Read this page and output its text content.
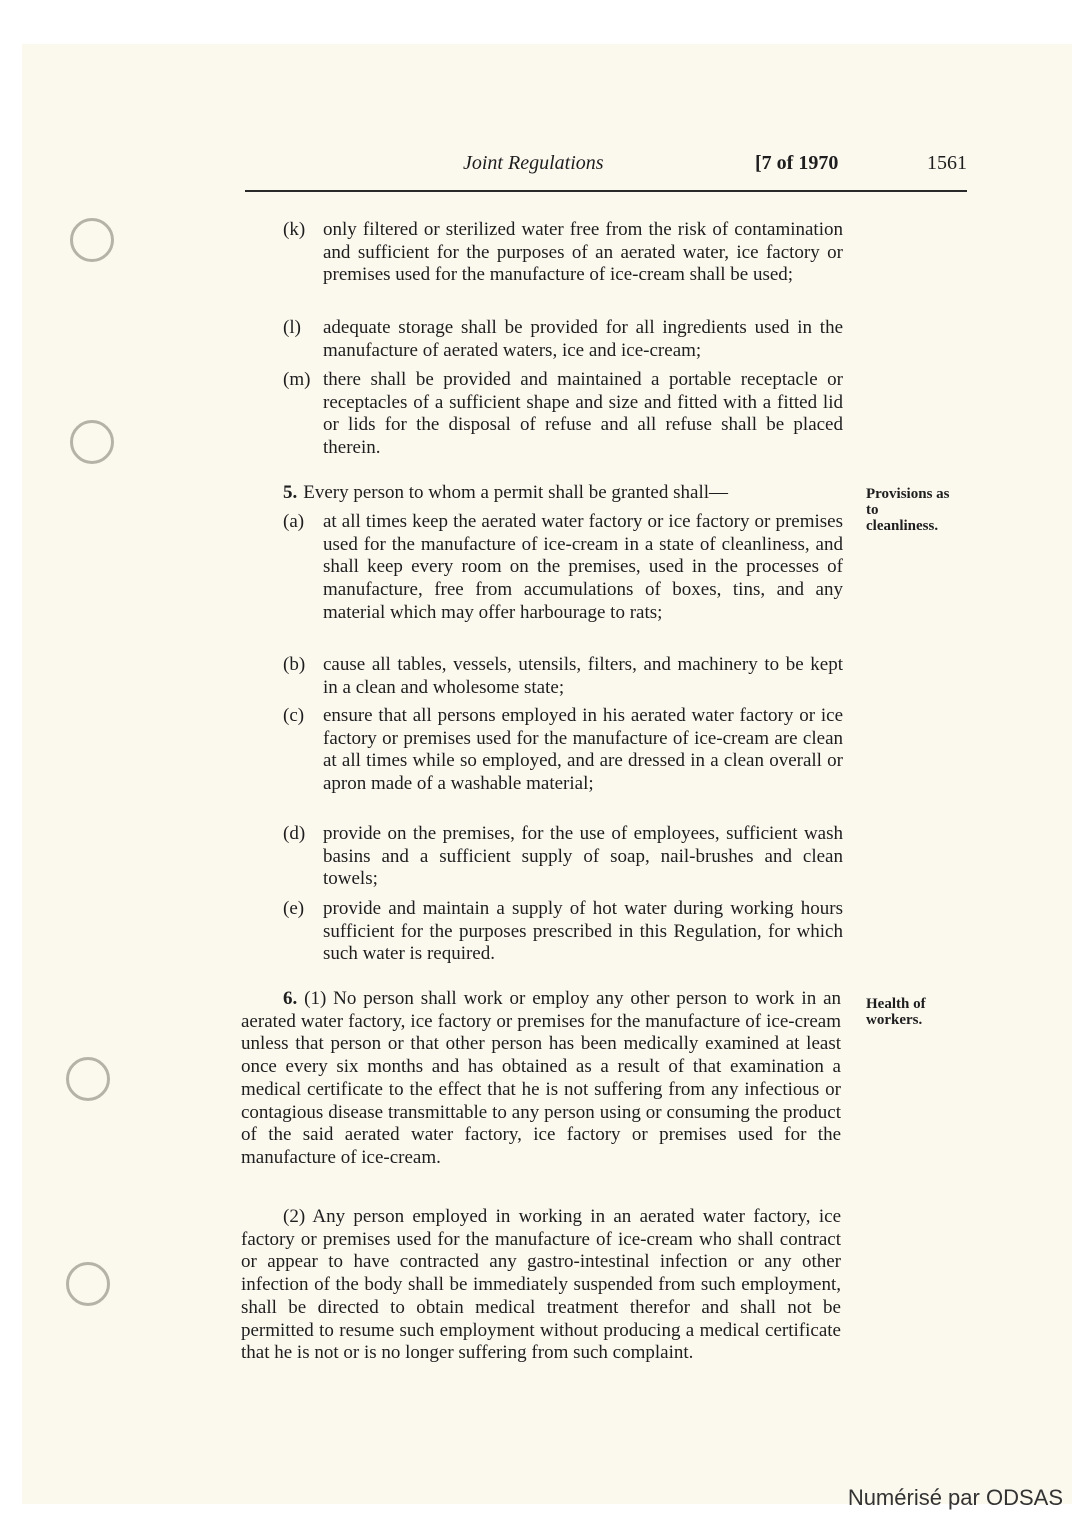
Joint Regulations	[7 of 1970	1561
(k) only filtered or sterilized water free from the risk of contamination and sufficient for the purposes of an aerated water, ice factory or premises used for the manufacture of ice-cream shall be used;
(l) adequate storage shall be provided for all ingredients used in the manufacture of aerated waters, ice and ice-cream;
(m) there shall be provided and maintained a portable receptacle or receptacles of a sufficient shape and size and fitted with a fitted lid or lids for the disposal of refuse and all refuse shall be placed therein.
5. Every person to whom a permit shall be granted shall—	Provisions as to cleanliness.
(a) at all times keep the aerated water factory or ice factory or premises used for the manufacture of ice-cream in a state of cleanliness, and shall keep every room on the premises, used in the processes of manufacture, free from accumulations of boxes, tins, and any material which may offer harbourage to rats;
(b) cause all tables, vessels, utensils, filters, and machinery to be kept in a clean and wholesome state;
(c) ensure that all persons employed in his aerated water factory or ice factory or premises used for the manufacture of ice-cream are clean at all times while so employed, and are dressed in a clean overall or apron made of a washable material;
(d) provide on the premises, for the use of employees, sufficient wash basins and a sufficient supply of soap, nail-brushes and clean towels;
(e) provide and maintain a supply of hot water during working hours sufficient for the purposes prescribed in this Regulation, for which such water is required.
6. (1) No person shall work or employ any other person to work in an aerated water factory, ice factory or premises for the manufacture of ice-cream unless that person or that other person has been medically examined at least once every six months and has obtained as a result of that examination a medical certificate to the effect that he is not suffering from any infectious or contagious disease transmittable to any person using or consuming the product of the said aerated water factory, ice factory or premises used for the manufacture of ice-cream.
Health of workers.
(2) Any person employed in working in an aerated water factory, ice factory or premises used for the manufacture of ice-cream who shall contract or appear to have contracted any gastro-intestinal infection or any other infection of the body shall be immediately suspended from such employment, shall be directed to obtain medical treatment therefor and shall not be permitted to resume such employment without producing a medical certificate that he is not or is no longer suffering from such complaint.
Numérisé par ODSAS
